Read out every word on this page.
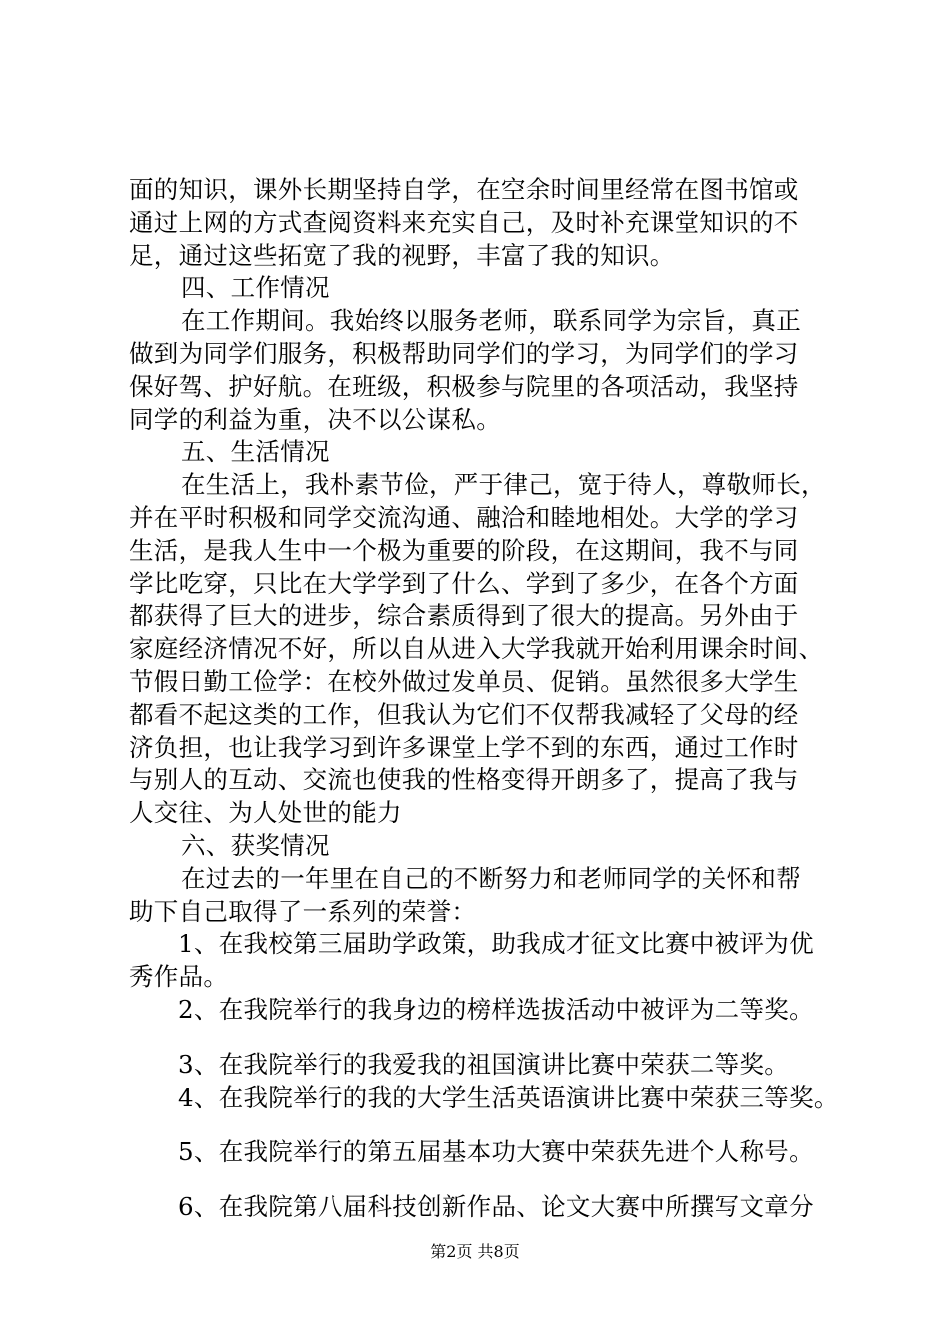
面的知识，课外长期坚持自学，在空余时间里经常在图书馆或
通过上网的方式查阅资料来充实自己，及时补充课堂知识的不
足，通过这些拓宽了我的视野，丰富了我的知识。
四、工作情况
在工作期间。我始终以服务老师，联系同学为宗旨，真正
做到为同学们服务，积极帮助同学们的学习，为同学们的学习
保好驾、护好航。在班级，积极参与院里的各项活动，我坚持
同学的利益为重，决不以公谋私。
五、生活情况
在生活上，我朴素节俭，严于律己，宽于待人，尊敬师长，
并在平时积极和同学交流沟通、融洽和睦地相处。大学的学习
生活，是我人生中一个极为重要的阶段，在这期间，我不与同
学比吃穿，只比在大学学到了什么、学到了多少，在各个方面
都获得了巨大的进步，综合素质得到了很大的提高。另外由于
家庭经济情况不好，所以自从进入大学我就开始利用课余时间、
节假日勤工俭学：在校外做过发单员、促销。虽然很多大学生
都看不起这类的工作，但我认为它们不仅帮我减轻了父母的经
济负担，也让我学习到许多课堂上学不到的东西，通过工作时
与别人的互动、交流也使我的性格变得开朗多了，提高了我与
人交往、为人处世的能力
六、获奖情况
在过去的一年里在自己的不断努力和老师同学的关怀和帮
助下自己取得了一系列的荣誉：
1、在我校第三届助学政策，助我成才征文比赛中被评为优
秀作品。
2、在我院举行的我身边的榜样选拔活动中被评为二等奖。
3、在我院举行的我爱我的祖国演讲比赛中荣获二等奖。
4、在我院举行的我的大学生活英语演讲比赛中荣获三等奖。
5、在我院举行的第五届基本功大赛中荣获先进个人称号。
6、在我院第八届科技创新作品、论文大赛中所撰写文章分
第2页 共8页
